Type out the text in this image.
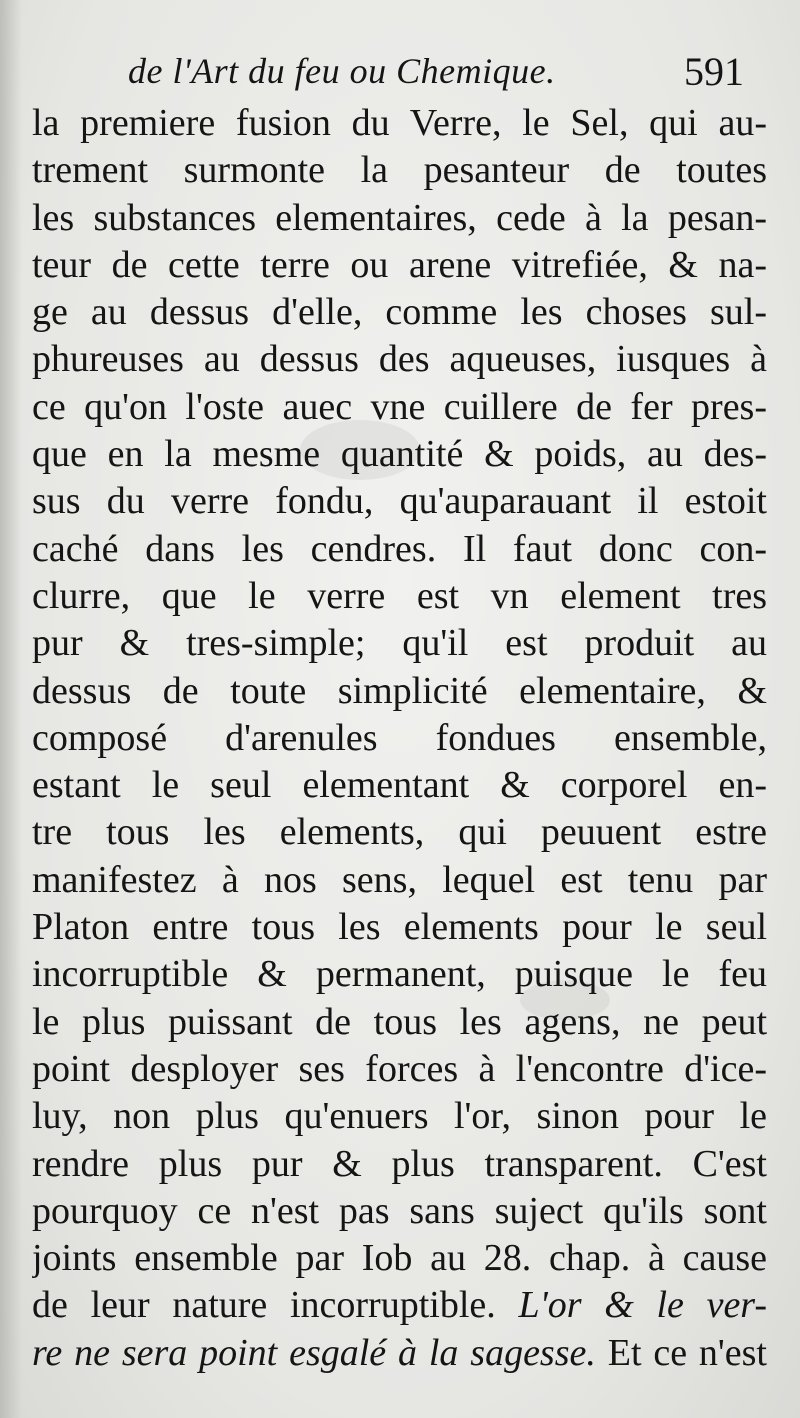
de l'Art du feu ou Chemique.	591
la premiere fusion du Verre, le Sel, qui au-
trement surmonte la pesanteur de toutes
les substances elementaires, cede à la pesan-
teur de cette terre ou arene vitrefiée, & na-
ge au dessus d'elle, comme les choses sul-
phureuses au dessus des aqueuses, iusques à
ce qu'on l'oste auec vne cuillere de fer pres-
que en la mesme quantité & poids, au des-
sus du verre fondu, qu'auparauant il estoit
caché dans les cendres. Il faut donc con-
clurre, que le verre est vn element tres
pur & tres-simple; qu'il est produit au
dessus de toute simplicité elementaire, &
composé d'arenules fondues ensemble,
estant le seul elementant & corporel en-
tre tous les elements, qui peuuent estre
manifestez à nos sens, lequel est tenu par
Platon entre tous les elements pour le seul
incorruptible & permanent, puisque le feu
le plus puissant de tous les agens, ne peut
point desployer ses forces à l'encontre d'ice-
luy, non plus qu'enuers l'or, sinon pour le
rendre plus pur & plus transparent. C'est
pourquoy ce n'est pas sans suject qu'ils sont
joints ensemble par Iob au 28. chap. à cause
de leur nature incorruptible. L'or & le ver-
re ne sera point esgalé à la sagesse. Et ce n'est
